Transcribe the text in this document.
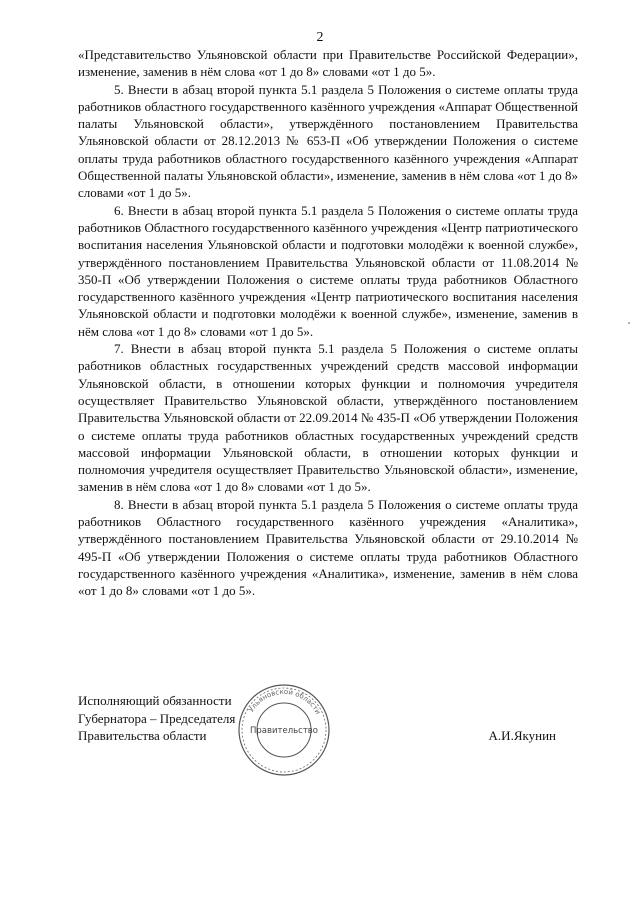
2

«Представительство Ульяновской области при Правительстве Российской Федерации», изменение, заменив в нём слова «от 1 до 8» словами «от 1 до 5».

5. Внести в абзац второй пункта 5.1 раздела 5 Положения о системе оплаты труда работников областного государственного казённого учреждения «Аппарат Общественной палаты Ульяновской области», утверждённого постановлением Правительства Ульяновской области от 28.12.2013 № 653-П «Об утверждении Положения о системе оплаты труда работников областного государственного казённого учреждения «Аппарат Общественной палаты Ульяновской области», изменение, заменив в нём слова «от 1 до 8» словами «от 1 до 5».

6. Внести в абзац второй пункта 5.1 раздела 5 Положения о системе оплаты труда работников Областного государственного казённого учреждения «Центр патриотического воспитания населения Ульяновской области и подготовки молодёжи к военной службе», утверждённого постановлением Правительства Ульяновской области от 11.08.2014 № 350-П «Об утверждении Положения о системе оплаты труда работников Областного государственного казённого учреждения «Центр патриотического воспитания населения Ульяновской области и подготовки молодёжи к военной службе», изменение, заменив в нём слова «от 1 до 8» словами «от 1 до 5».

7. Внести в абзац второй пункта 5.1 раздела 5 Положения о системе оплаты работников областных государственных учреждений средств массовой информации Ульяновской области, в отношении которых функции и полномочия учредителя осуществляет Правительство Ульяновской области, утверждённого постановлением Правительства Ульяновской области от 22.09.2014 № 435-П «Об утверждении Положения о системе оплаты труда работников областных государственных учреждений средств массовой информации Ульяновской области, в отношении которых функции и полномочия учредителя осуществляет Правительство Ульяновской области», изменение, заменив в нём слова «от 1 до 8» словами «от 1 до 5».

8. Внести в абзац второй пункта 5.1 раздела 5 Положения о системе оплаты труда работников Областного государственного казённого учреждения «Аналитика», утверждённого постановлением Правительства Ульяновской области от 29.10.2014 № 495-П «Об утверждении Положения о системе оплаты труда работников Областного государственного казённого учреждения «Аналитика», изменение, заменив в нём слова «от 1 до 8» словами «от 1 до 5».

Исполняющий обязанности
Губернатора – Председателя
Правительства области	А.И.Якунин
Ульяновской области
Правительство
